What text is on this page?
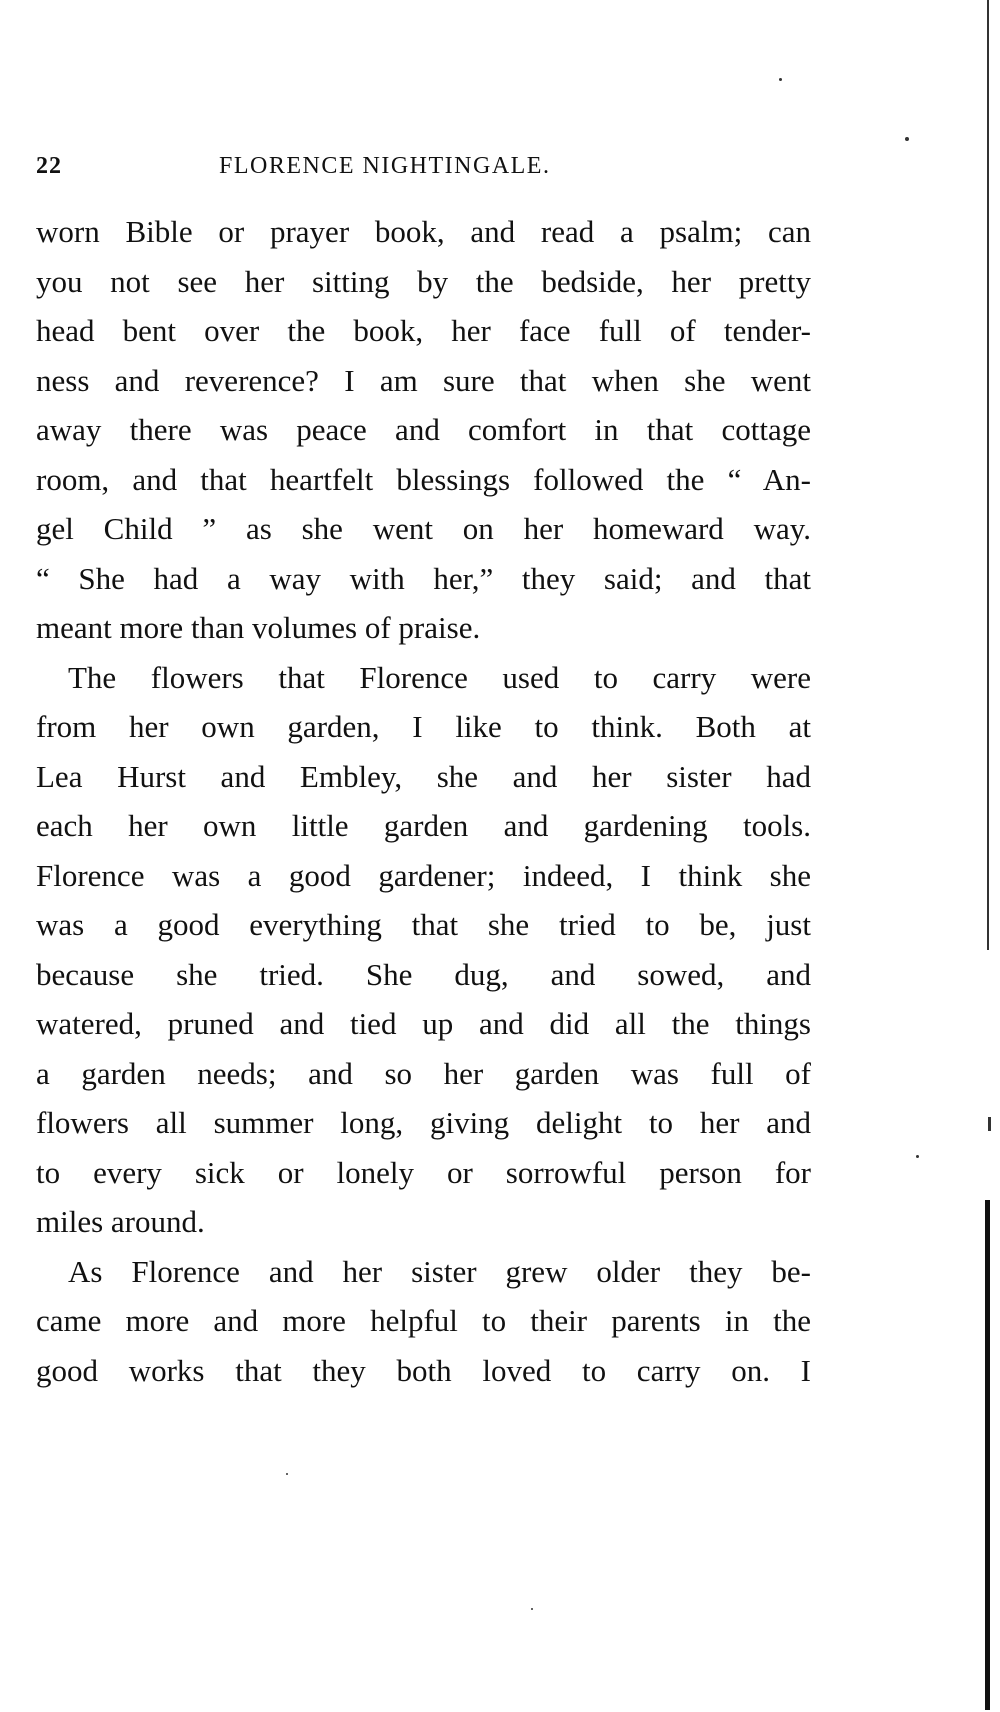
22	FLORENCE NIGHTINGALE.
worn Bible or prayer book, and read a psalm; can
you not see her sitting by the bedside, her pretty
head bent over the book, her face full of tender-
ness and reverence? I am sure that when she went
away there was peace and comfort in that cottage
room, and that heartfelt blessings followed the “ An-
gel Child ” as she went on her homeward way.
“ She had a way with her,” they said; and that
meant more than volumes of praise.
The flowers that Florence used to carry were
from her own garden, I like to think. Both at
Lea Hurst and Embley, she and her sister had
each her own little garden and gardening tools.
Florence was a good gardener; indeed, I think she
was a good everything that she tried to be, just
because she tried. She dug, and sowed, and
watered, pruned and tied up and did all the things
a garden needs; and so her garden was full of
flowers all summer long, giving delight to her and
to every sick or lonely or sorrowful person for
miles around.
As Florence and her sister grew older they be-
came more and more helpful to their parents in the
good works that they both loved to carry on. I
